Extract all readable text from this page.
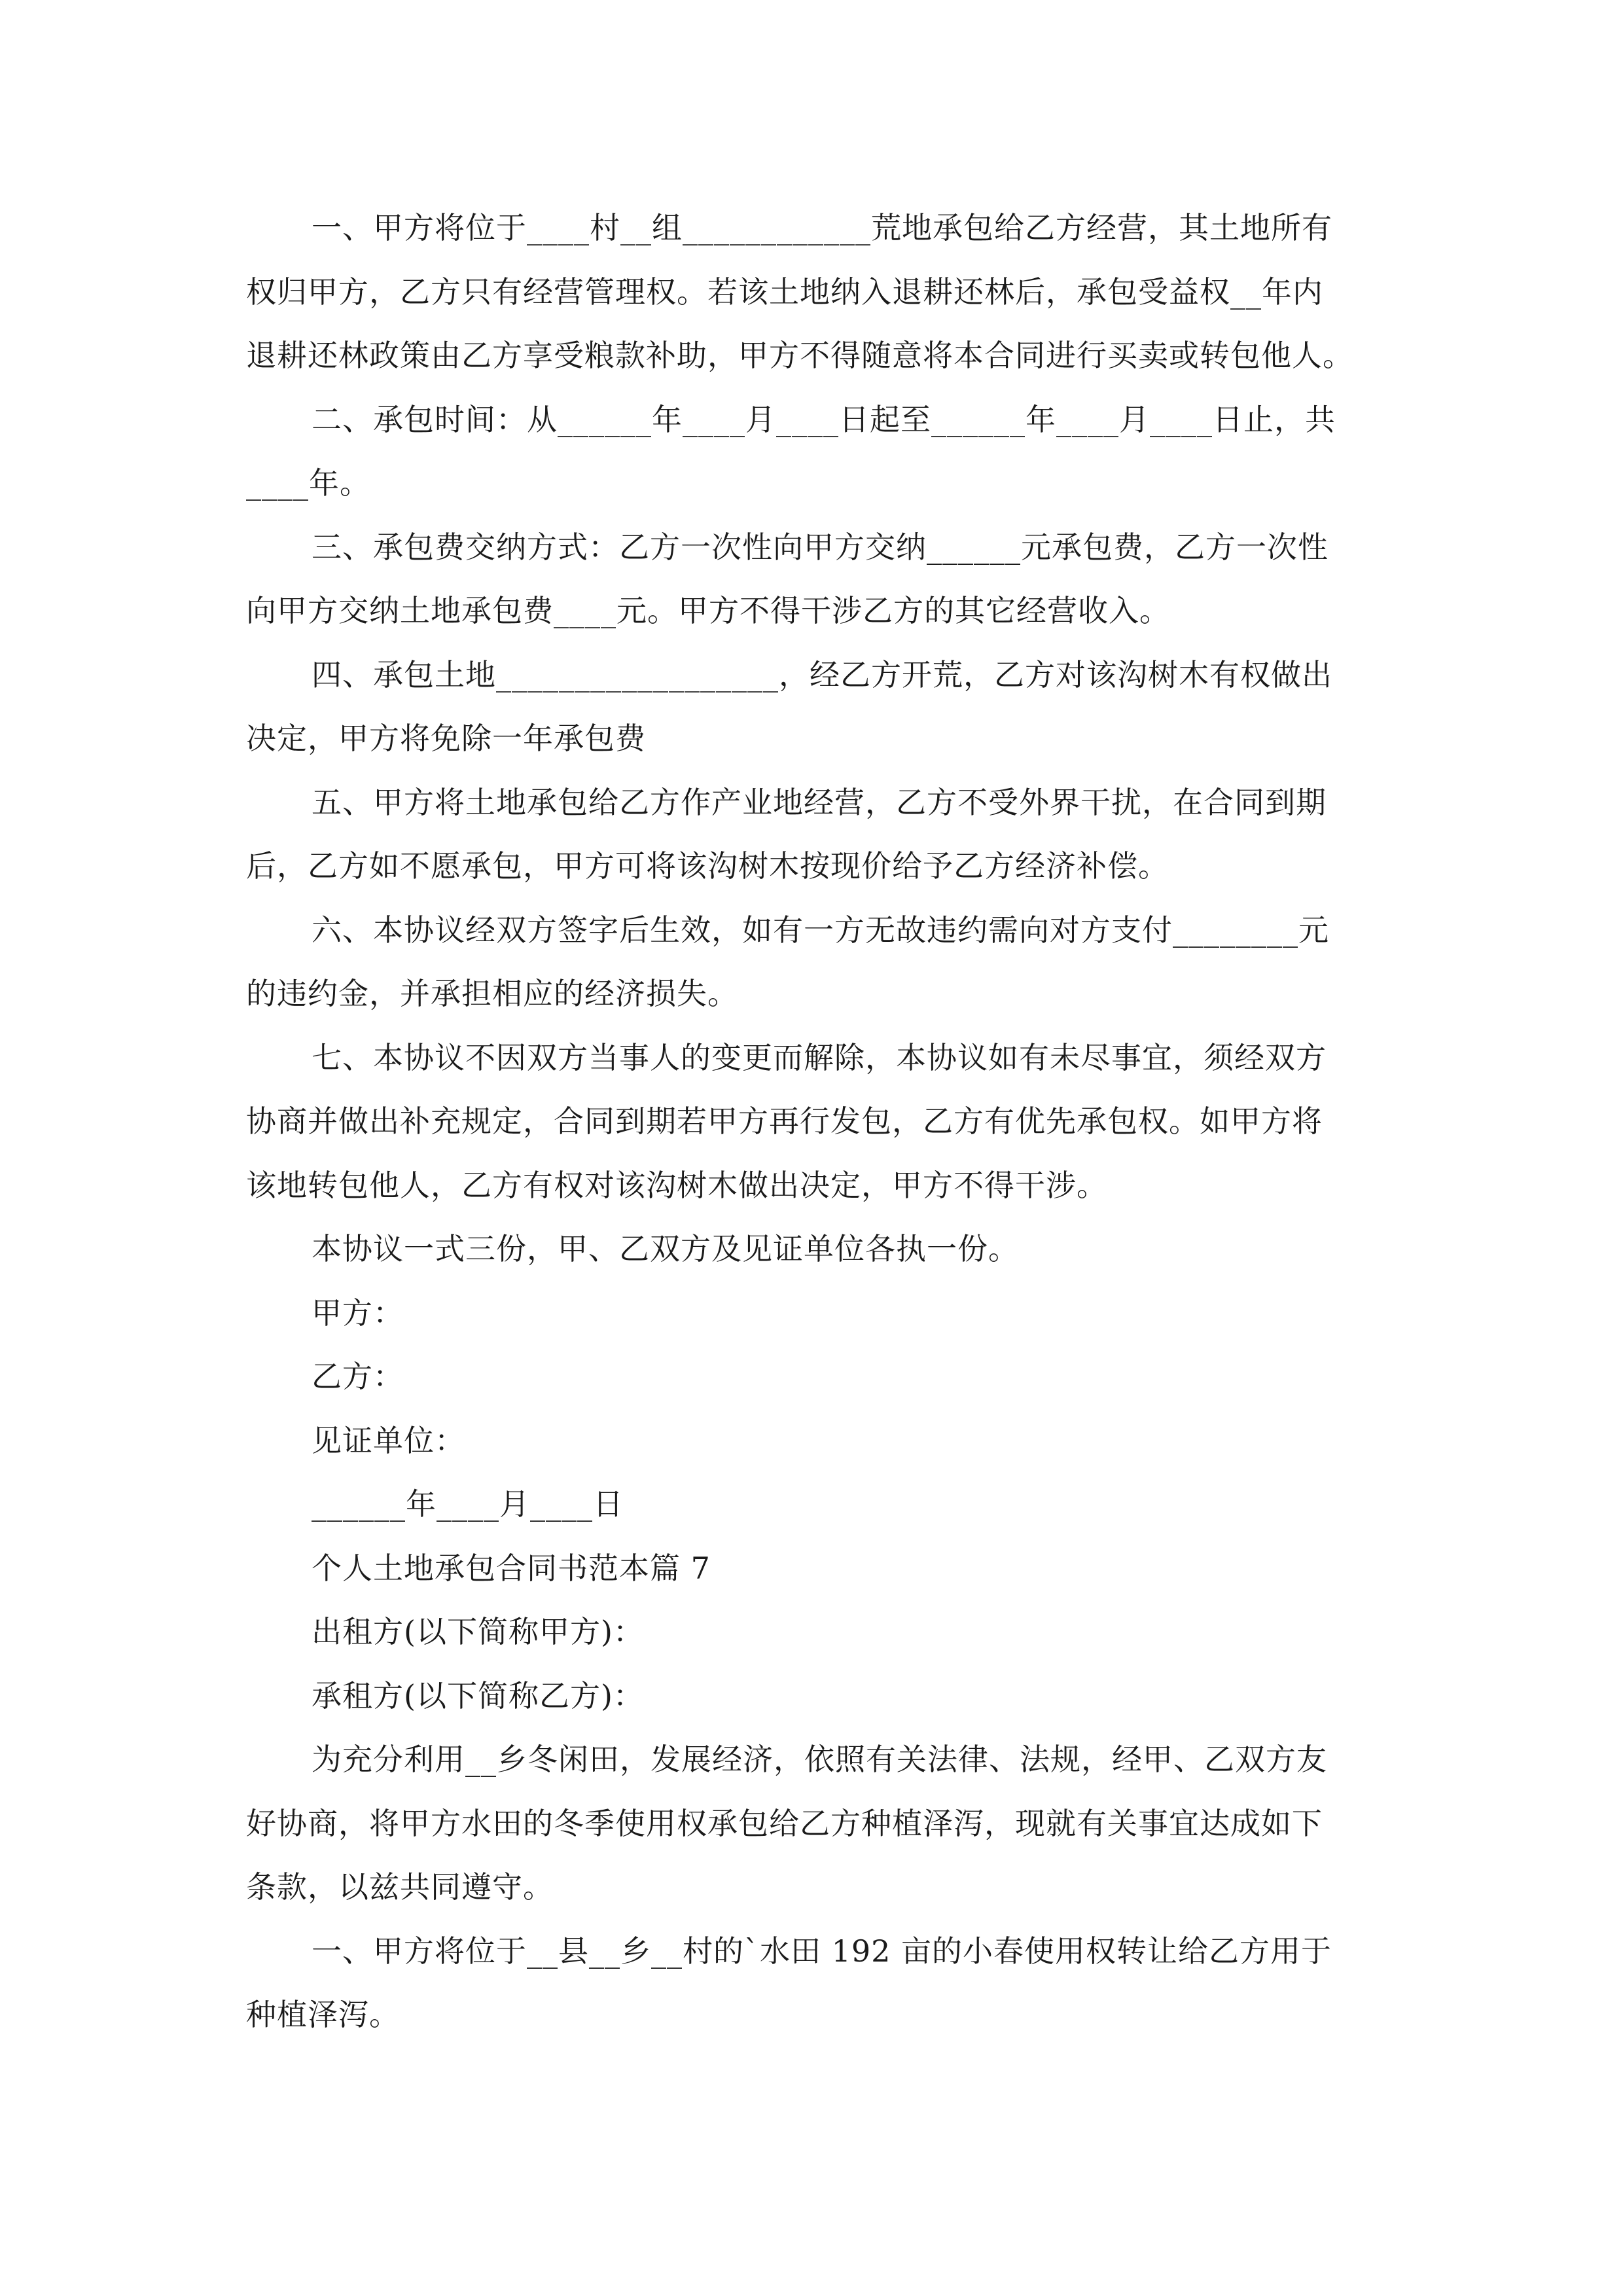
一、甲方将位于____村__组____________荒地承包给乙方经营，其土地所有
权归甲方，乙方只有经营管理权。若该土地纳入退耕还林后，承包受益权__年内
退耕还林政策由乙方享受粮款补助，甲方不得随意将本合同进行买卖或转包他人。
二、承包时间：从______年____月____日起至______年____月____日止，共
____年。
三、承包费交纳方式：乙方一次性向甲方交纳______元承包费，乙方一次性
向甲方交纳土地承包费____元。甲方不得干涉乙方的其它经营收入。
四、承包土地__________________，经乙方开荒，乙方对该沟树木有权做出
决定，甲方将免除一年承包费
五、甲方将土地承包给乙方作产业地经营，乙方不受外界干扰，在合同到期
后，乙方如不愿承包，甲方可将该沟树木按现价给予乙方经济补偿。
六、本协议经双方签字后生效，如有一方无故违约需向对方支付________元
的违约金，并承担相应的经济损失。
七、本协议不因双方当事人的变更而解除，本协议如有未尽事宜，须经双方
协商并做出补充规定，合同到期若甲方再行发包，乙方有优先承包权。如甲方将
该地转包他人，乙方有权对该沟树木做出决定，甲方不得干涉。
本协议一式三份，甲、乙双方及见证单位各执一份。
甲方：
乙方：
见证单位：
______年____月____日
个人土地承包合同书范本篇 7
出租方(以下简称甲方)：
承租方(以下简称乙方)：
为充分利用__乡冬闲田，发展经济，依照有关法律、法规，经甲、乙双方友
好协商，将甲方水田的冬季使用权承包给乙方种植泽泻，现就有关事宜达成如下
条款，以兹共同遵守。
一、甲方将位于__县__乡__村的`水田 192 亩的小春使用权转让给乙方用于
种植泽泻。
